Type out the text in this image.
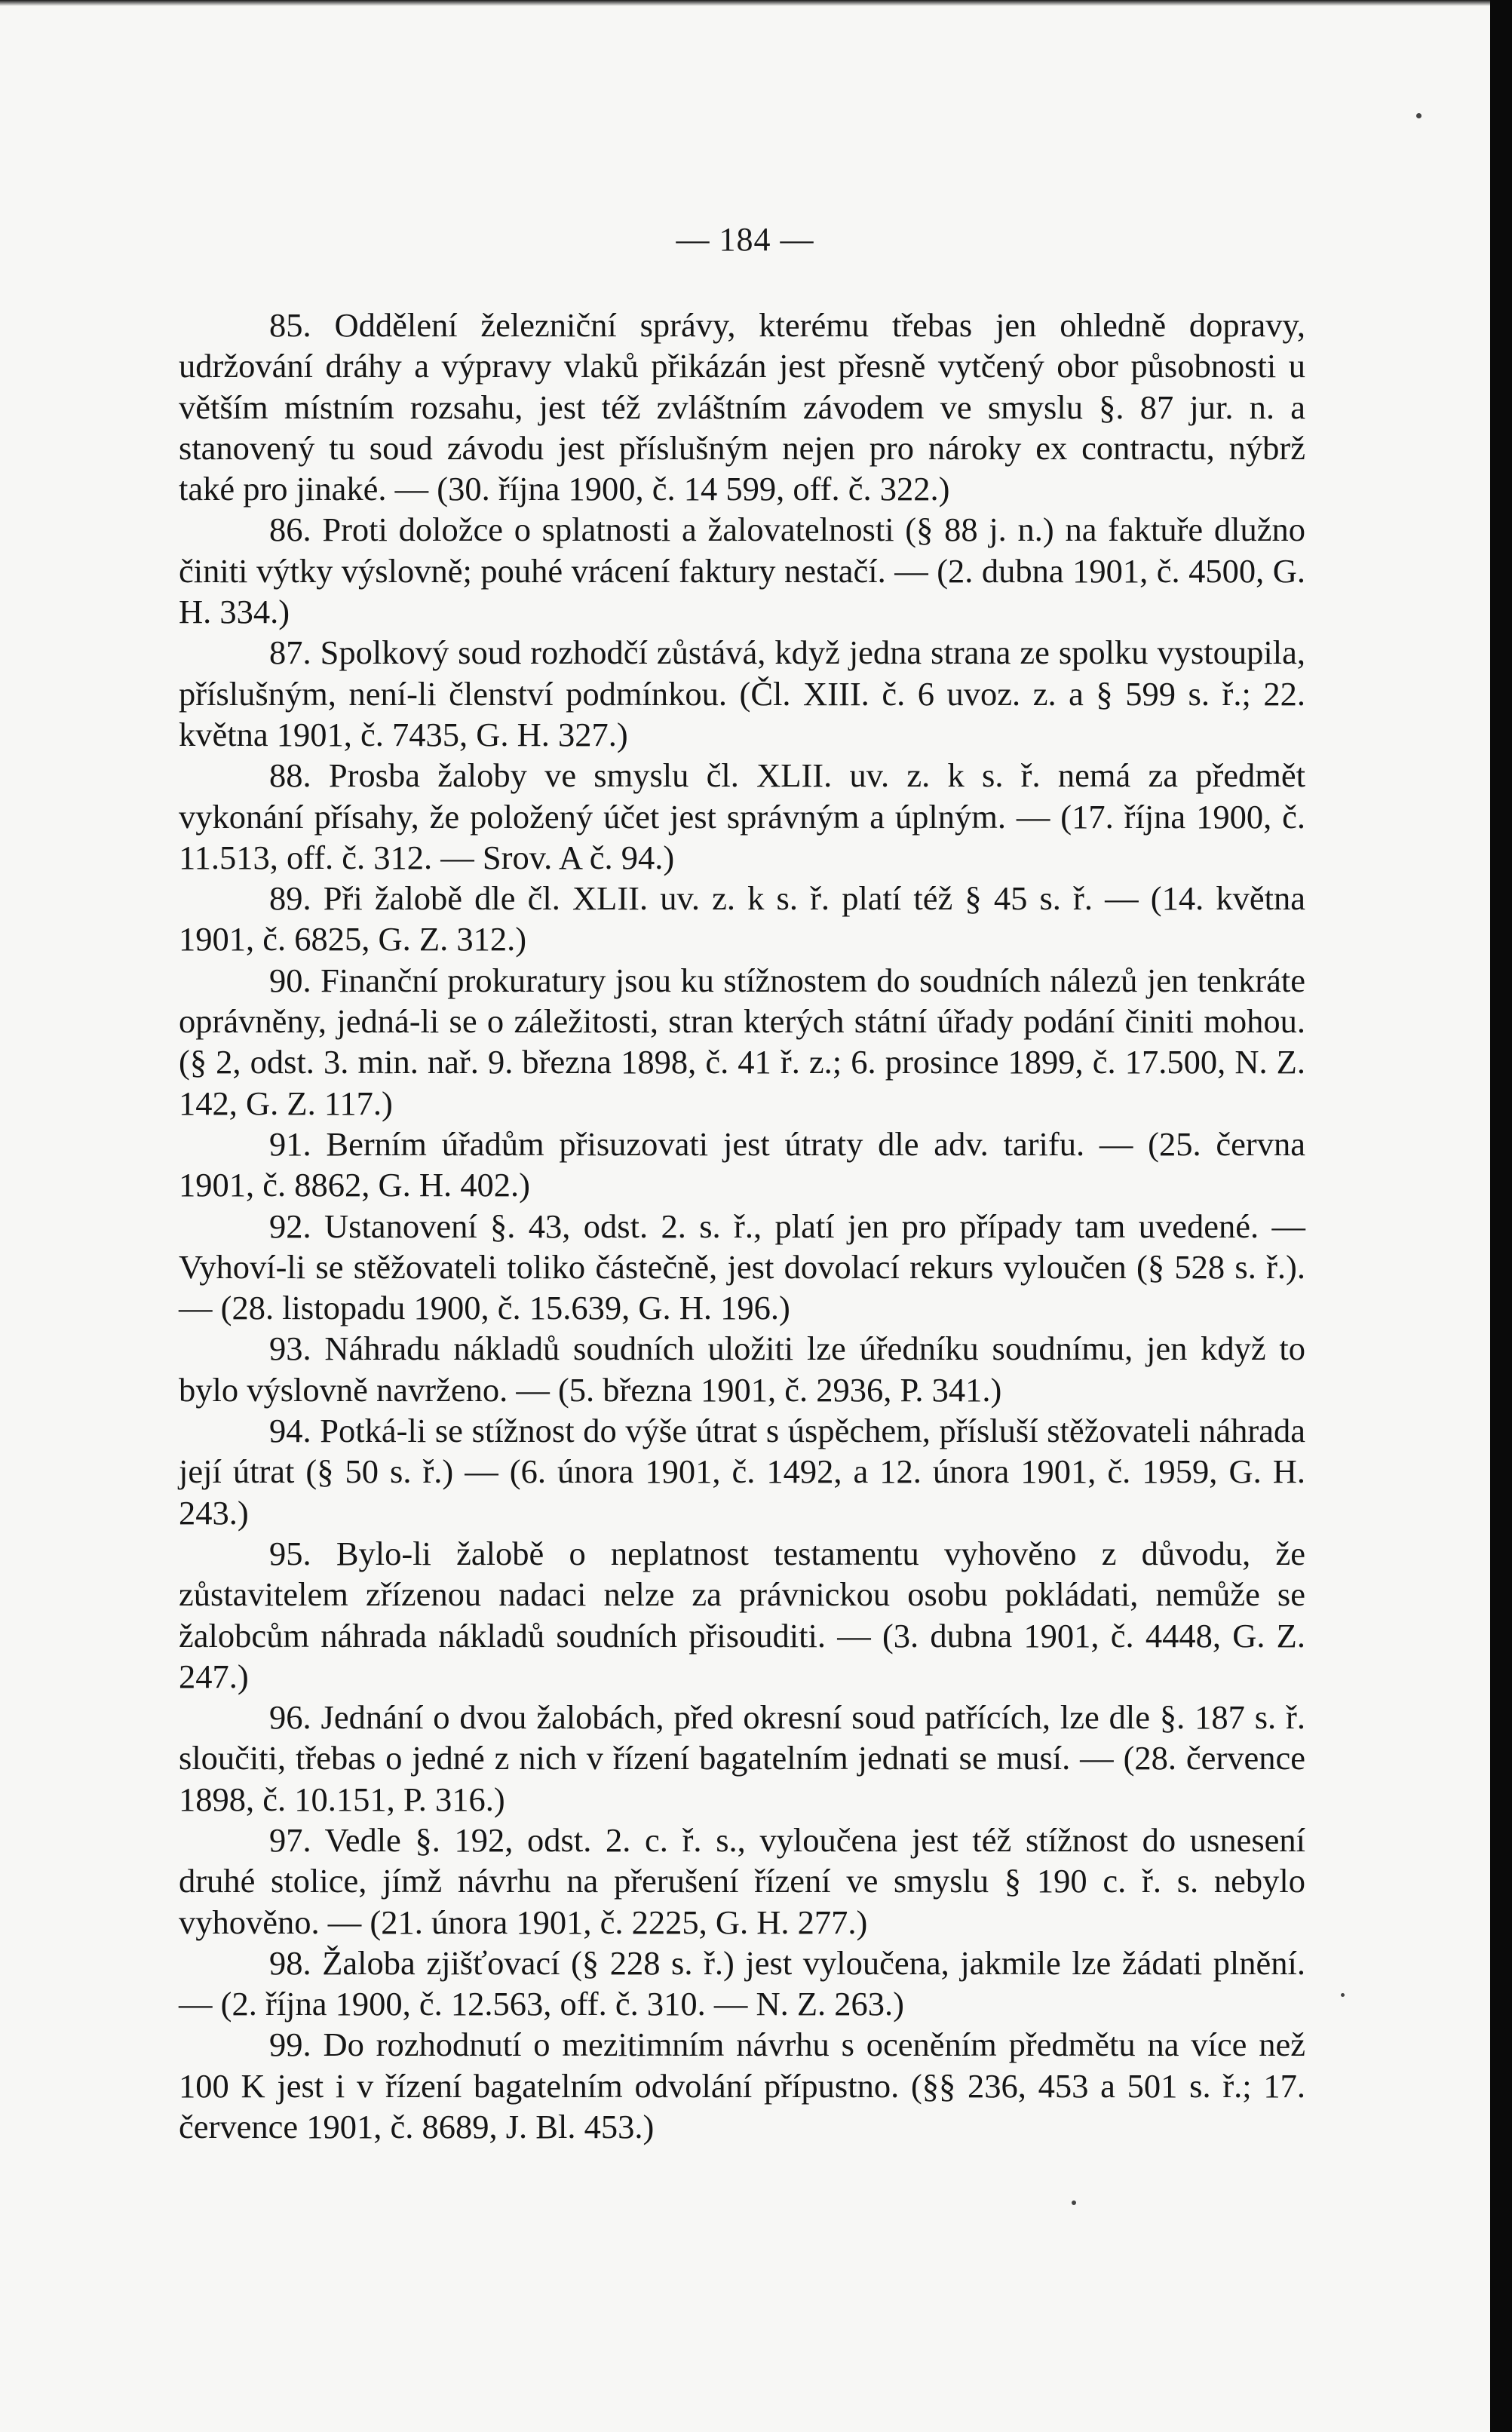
— 184 —

85. Oddělení železniční správy, kterému třebas jen ohledně dopravy, udržování dráhy a výpravy vlaků přikázán jest přesně vytčený obor působnosti u větším místním rozsahu, jest též zvláštním závodem ve smyslu §. 87 jur. n. a stanovený tu soud závodu jest příslušným nejen pro nároky ex contractu, nýbrž také pro jinaké. — (30. října 1900, č. 14 599, off. č. 322.)

86. Proti doložce o splatnosti a žalovatelnosti (§ 88 j. n.) na faktuře dlužno činiti výtky výslovně; pouhé vrácení faktury nestačí. — (2. dubna 1901, č. 4500, G. H. 334.)

87. Spolkový soud rozhodčí zůstává, když jedna strana ze spolku vystoupila, příslušným, není-li členství podmínkou. (Čl. XIII. č. 6 uvoz. z. a § 599 s. ř.; 22. května 1901, č. 7435, G. H. 327.)

88. Prosba žaloby ve smyslu čl. XLII. uv. z. k s. ř. nemá za předmět vykonání přísahy, že položený účet jest správným a úplným. — (17. října 1900, č. 11.513, off. č. 312. — Srov. A č. 94.)

89. Při žalobě dle čl. XLII. uv. z. k s. ř. platí též § 45 s. ř. — (14. května 1901, č. 6825, G. Z. 312.)

90. Finanční prokuratury jsou ku stížnostem do soudních nálezů jen tenkráte oprávněny, jedná-li se o záležitosti, stran kterých státní úřady podání činiti mohou. (§ 2, odst. 3. min. nař. 9. března 1898, č. 41 ř. z.; 6. prosince 1899, č. 17.500, N. Z. 142, G. Z. 117.)

91. Berním úřadům přisuzovati jest útraty dle adv. tarifu. — (25. června 1901, č. 8862, G. H. 402.)

92. Ustanovení §. 43, odst. 2. s. ř., platí jen pro případy tam uvedené. — Vyhoví-li se stěžovateli toliko částečně, jest dovolací rekurs vyloučen (§ 528 s. ř.). — (28. listopadu 1900, č. 15.639, G. H. 196.)

93. Náhradu nákladů soudních uložiti lze úředníku soudnímu, jen když to bylo výslovně navrženo. — (5. března 1901, č. 2936, P. 341.)

94. Potká-li se stížnost do výše útrat s úspěchem, přísluší stěžovateli náhrada její útrat (§ 50 s. ř.) — (6. února 1901, č. 1492, a 12. února 1901, č. 1959, G. H. 243.)

95. Bylo-li žalobě o neplatnost testamentu vyhověno z důvodu, že zůstavitelem zřízenou nadaci nelze za právnickou osobu pokládati, nemůže se žalobcům náhrada nákladů soudních přisouditi. — (3. dubna 1901, č. 4448, G. Z. 247.)

96. Jednání o dvou žalobách, před okresní soud patřících, lze dle §. 187 s. ř. sloučiti, třebas o jedné z nich v řízení bagatelním jednati se musí. — (28. července 1898, č. 10.151, P. 316.)

97. Vedle §. 192, odst. 2. c. ř. s., vyloučena jest též stížnost do usnesení druhé stolice, jímž návrhu na přerušení řízení ve smyslu § 190 c. ř. s. nebylo vyhověno. — (21. února 1901, č. 2225, G. H. 277.)

98. Žaloba zjišťovací (§ 228 s. ř.) jest vyloučena, jakmile lze žádati plnění. — (2. října 1900, č. 12.563, off. č. 310. — N. Z. 263.)

99. Do rozhodnutí o mezitimním návrhu s oceněním předmětu na více než 100 K jest i v řízení bagatelním odvolání přípustno. (§§ 236, 453 a 501 s. ř.; 17. července 1901, č. 8689, J. Bl. 453.)
